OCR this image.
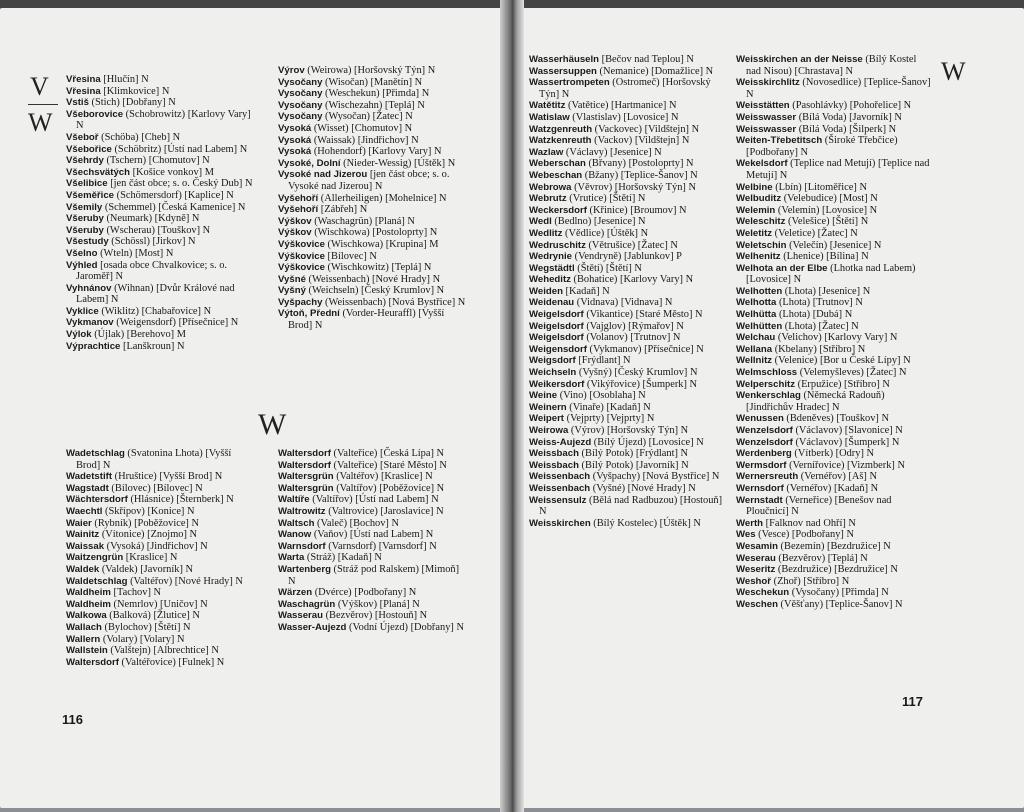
V
W

Vřesina [Hlučín] N

Vřesina [Klimkovice] N

Vstiš (Stich) [Dobřany] N

Všeborovice (Schobrowitz) [Karlovy Vary] N

Všeboř (Schöba) [Cheb] N

Všebořice (Schöbritz) [Ústí nad Labem] N

Všehrdy (Tschern) [Chomutov] N

Všechsvätých [Košice vonkov] M

Všelibice [jen část obce; s. o. Český Dub] N

Všeměřice (Schömersdorf) [Kaplice] N

Všemily (Schemmel) [Česká Kamenice] N

Všeruby (Neumark) [Kdyně] N

Všeruby (Wscherau) [Touškov] N

Všestudy (Schössl) [Jirkov] N

Všelno (Wteln) [Most] N

Výhled [osada obce Chvalkovice; s. o. Jaroměř] N

Vyhnánov (Wihnan) [Dvůr Králové nad Labem] N

Vyklice (Wiklitz) [Chabařovice] N

Vykmanov (Weigensdorf) [Přísečnice] N

Výlok (Újlak) [Berehovo] M

Výprachtice [Lanškroun] N

Výrov (Weirowa) [Horšovský Týn] N

Vysočany (Wisočan) [Manětín] N

Vysočany (Weschekun) [Přimda] N

Vysočany (Wischezahn) [Teplá] N

Vysočany (Wysočan) [Žatec] N

Vysoká (Wisset) [Chomutov] N

Vysoká (Waissak) [Jindřichov] N

Vysoká (Hohendorf) [Karlovy Vary] N

Vysoké, Dolní (Nieder-Wessig) [Úštěk] N

Vysoké nad Jizerou [jen část obce; s. o. Vysoké nad Jizerou] N

Vyšehoří (Allerheiligen) [Mohelnice] N

Vyšehoří [Zábřeh] N

Výškov (Waschagrün) [Planá] N

Výškov (Wischkowa) [Postoloprty] N

Výškovice (Wischkowa) [Krupina] M

Výškovice [Bílovec] N

Výškovice (Wischkowitz) [Teplá] N

Vyšné (Weissenbach) [Nové Hrady] N

Vyšný (Weichseln) [Český Krumlov] N

Vyšpachy (Weissenbach) [Nová Bystřice] N

Výtoň, Přední (Vorder-Heuraffl) [Vyšší Brod] N

W

Wadetschlag (Svatonina Lhota) [Vyšší Brod] N

Wadetstift (Hruštice) [Vyšší Brod] N

Wagstadt (Bílovec) [Bílovec] N

Wächtersdorf (Hlásnice) [Šternberk] N

Waechtl (Skřípov) [Konice] N

Waier (Rybník) [Poběžovice] N

Wainitz (Vítonice) [Znojmo] N

Waissak (Vysoká) [Jindřichov] N

Waitzengrün [Kraslice] N

Waldek (Valdek) [Javorník] N

Waldetschlag (Valtéřov) [Nové Hrady] N

Waldheim [Tachov] N

Waldheim (Nemrlov) [Uničov] N

Walkowa (Balková) [Žlutice] N

Wallach (Bylochov) [Štětí] N

Wallern (Volary) [Volary] N

Wallstein (Valštejn) [Albrechtice] N

Waltersdorf (Valtéřovice) [Fulnek] N

Waltersdorf (Valteřice) [Česká Lípa] N

Waltersdorf (Valteřice) [Staré Město] N

Waltersgrün (Valtéřov) [Kraslice] N

Waltersgrün (Valtířov) [Poběžovice] N

Waltíře (Valtířov) [Ústí nad Labem] N

Waltrowitz (Valtrovice) [Jaroslavice] N

Waltsch (Valeč) [Bochov] N

Wanow (Vaňov) [Ústí nad Labem] N

Warnsdorf (Varnsdorf) [Varnsdorf] N

Warta (Stráž) [Kadaň] N

Wartenberg (Stráž pod Ralskem) [Mimoň] N

Wärzen (Dvérce) [Podbořany] N

Waschagrün (Výškov) [Planá] N

Wasserau (Bezvěrov) [Hostouň] N

Wasser-Aujezd (Vodní Újezd) [Dobřany] N

116

Wasserhäuseln [Bečov nad Teplou] N

Wassersuppen (Nemanice) [Domažlice] N

Wassertrompeten (Ostromeč) [Horšovský Týn] N

Watětitz (Vatětice) [Hartmanice] N

Watislaw (Vlastislav) [Lovosice] N

Watzgenreuth (Vackovec) [Vildštejn] N

Watzkenreuth (Vackov) [Vildštejn] N

Wazlaw (Václavy) [Jesenice] N

Weberschan (Břvany) [Postoloprty] N

Webeschan (Bžany) [Teplice-Šanov] N

Webrowa (Věvrov) [Horšovský Týn] N

Webrutz (Vrutice) [Štětí] N

Weckersdorf (Křinice) [Broumov] N

Wedl (Bedlno) [Jesenice] N

Wedlitz (Vědlice) [Úštěk] N

Wedruschitz (Větrušice) [Žatec] N

Wedrynie (Vendryně) [Jablunkov] P

Wegstädtl (Štětí) [Štětí] N

Weheditz (Bohatice) [Karlovy Vary] N

Weiden [Kadaň] N

Weidenau (Vidnava) [Vidnava] N

Weigelsdorf (Vikantice) [Staré Město] N

Weigelsdorf (Vajglov) [Rýmařov] N

Weigelsdorf (Volanov) [Trutnov] N

Weigensdorf (Vykmanov) [Přísečnice] N

Weigsdorf [Frýdlant] N

Weichseln (Vyšný) [Český Krumlov] N

Weikersdorf (Vikýřovice) [Šumperk] N

Weine (Vino) [Osoblaha] N

Weinern (Vinaře) [Kadaň] N

Weipert (Vejprty) [Vejprty] N

Weirowa (Výrov) [Horšovský Týn] N

Weiss-Aujezd (Bílý Újezd) [Lovosice] N

Weissbach (Bílý Potok) [Frýdlant] N

Weissbach (Bílý Potok) [Javorník] N

Weissenbach (Vyšpachy) [Nová Bystřice] N

Weissenbach (Vyšné) [Nové Hrady] N

Weissensulz (Bělá nad Radbuzou) [Hostouň] N

Weisskirchen (Bílý Kostelec) [Úštěk] N

Weisskirchen an der Neisse (Bílý Kostel nad Nisou) [Chrastava] N

Weisskirchlitz (Novosedlice) [Teplice-Šanov] N

Weisstätten (Pasohlávky) [Pohořelice] N

Weisswasser (Bílá Voda) [Javorník] N

Weisswasser (Bílá Voda) [Šilperk] N

Weiten-Třebetitsch (Široké Třebčice) [Podbořany] N

Wekelsdorf (Teplice nad Metují) [Teplice nad Metují] N

Welbine (Lbín) [Litoměřice] N

Welbuditz (Velebudice) [Most] N

Welemin (Velemín) [Lovosice] N

Weleschitz (Velešice) [Štětí] N

Weletitz (Veletice) [Žatec] N

Weletschin (Velečín) [Jesenice] N

Welhenitz (Lhenice) [Bílina] N

Welhota an der Elbe (Lhotka nad Labem) [Lovosice] N

Welhotten (Lhota) [Jesenice] N

Welhotta (Lhota) [Trutnov] N

Welhütta (Lhota) [Dubá] N

Welhütten (Lhota) [Žatec] N

Welchau (Velichov) [Karlovy Vary] N

Wellana (Kbelany) [Stříbro] N

Wellnitz (Velenice) [Bor u České Lípy] N

Welmschloss (Velemyšleves) [Žatec] N

Welperschitz (Erpužice) [Stříbro] N

Wenkerschlag (Německá Radouň) [Jindřichův Hradec] N

Wenussen (Bdeněves) [Touškov] N

Wenzelsdorf (Václavov) [Slavonice] N

Wenzelsdorf (Václavov) [Šumperk] N

Werdenberg (Vítberk) [Odry] N

Wermsdorf (Vernířovice) [Vizmberk] N

Wernersreuth (Vernéřov) [Aš] N

Wernsdorf (Vernéřov) [Kadaň] N

Wernstadt (Verneřice) [Benešov nad Ploučnicí] N

Werth [Falknov nad Ohří] N

Wes (Vesce) [Podbořany] N

Wesamin (Bezemín) [Bezdružice] N

Weserau (Bezvěrov) [Teplá] N

Weseritz (Bezdružice) [Bezdružice] N

Weshoř (Zhoř) [Stříbro] N

Weschekun (Vysočany) [Přimda] N

Weschen (Věšťany) [Teplice-Šanov] N

W
117
